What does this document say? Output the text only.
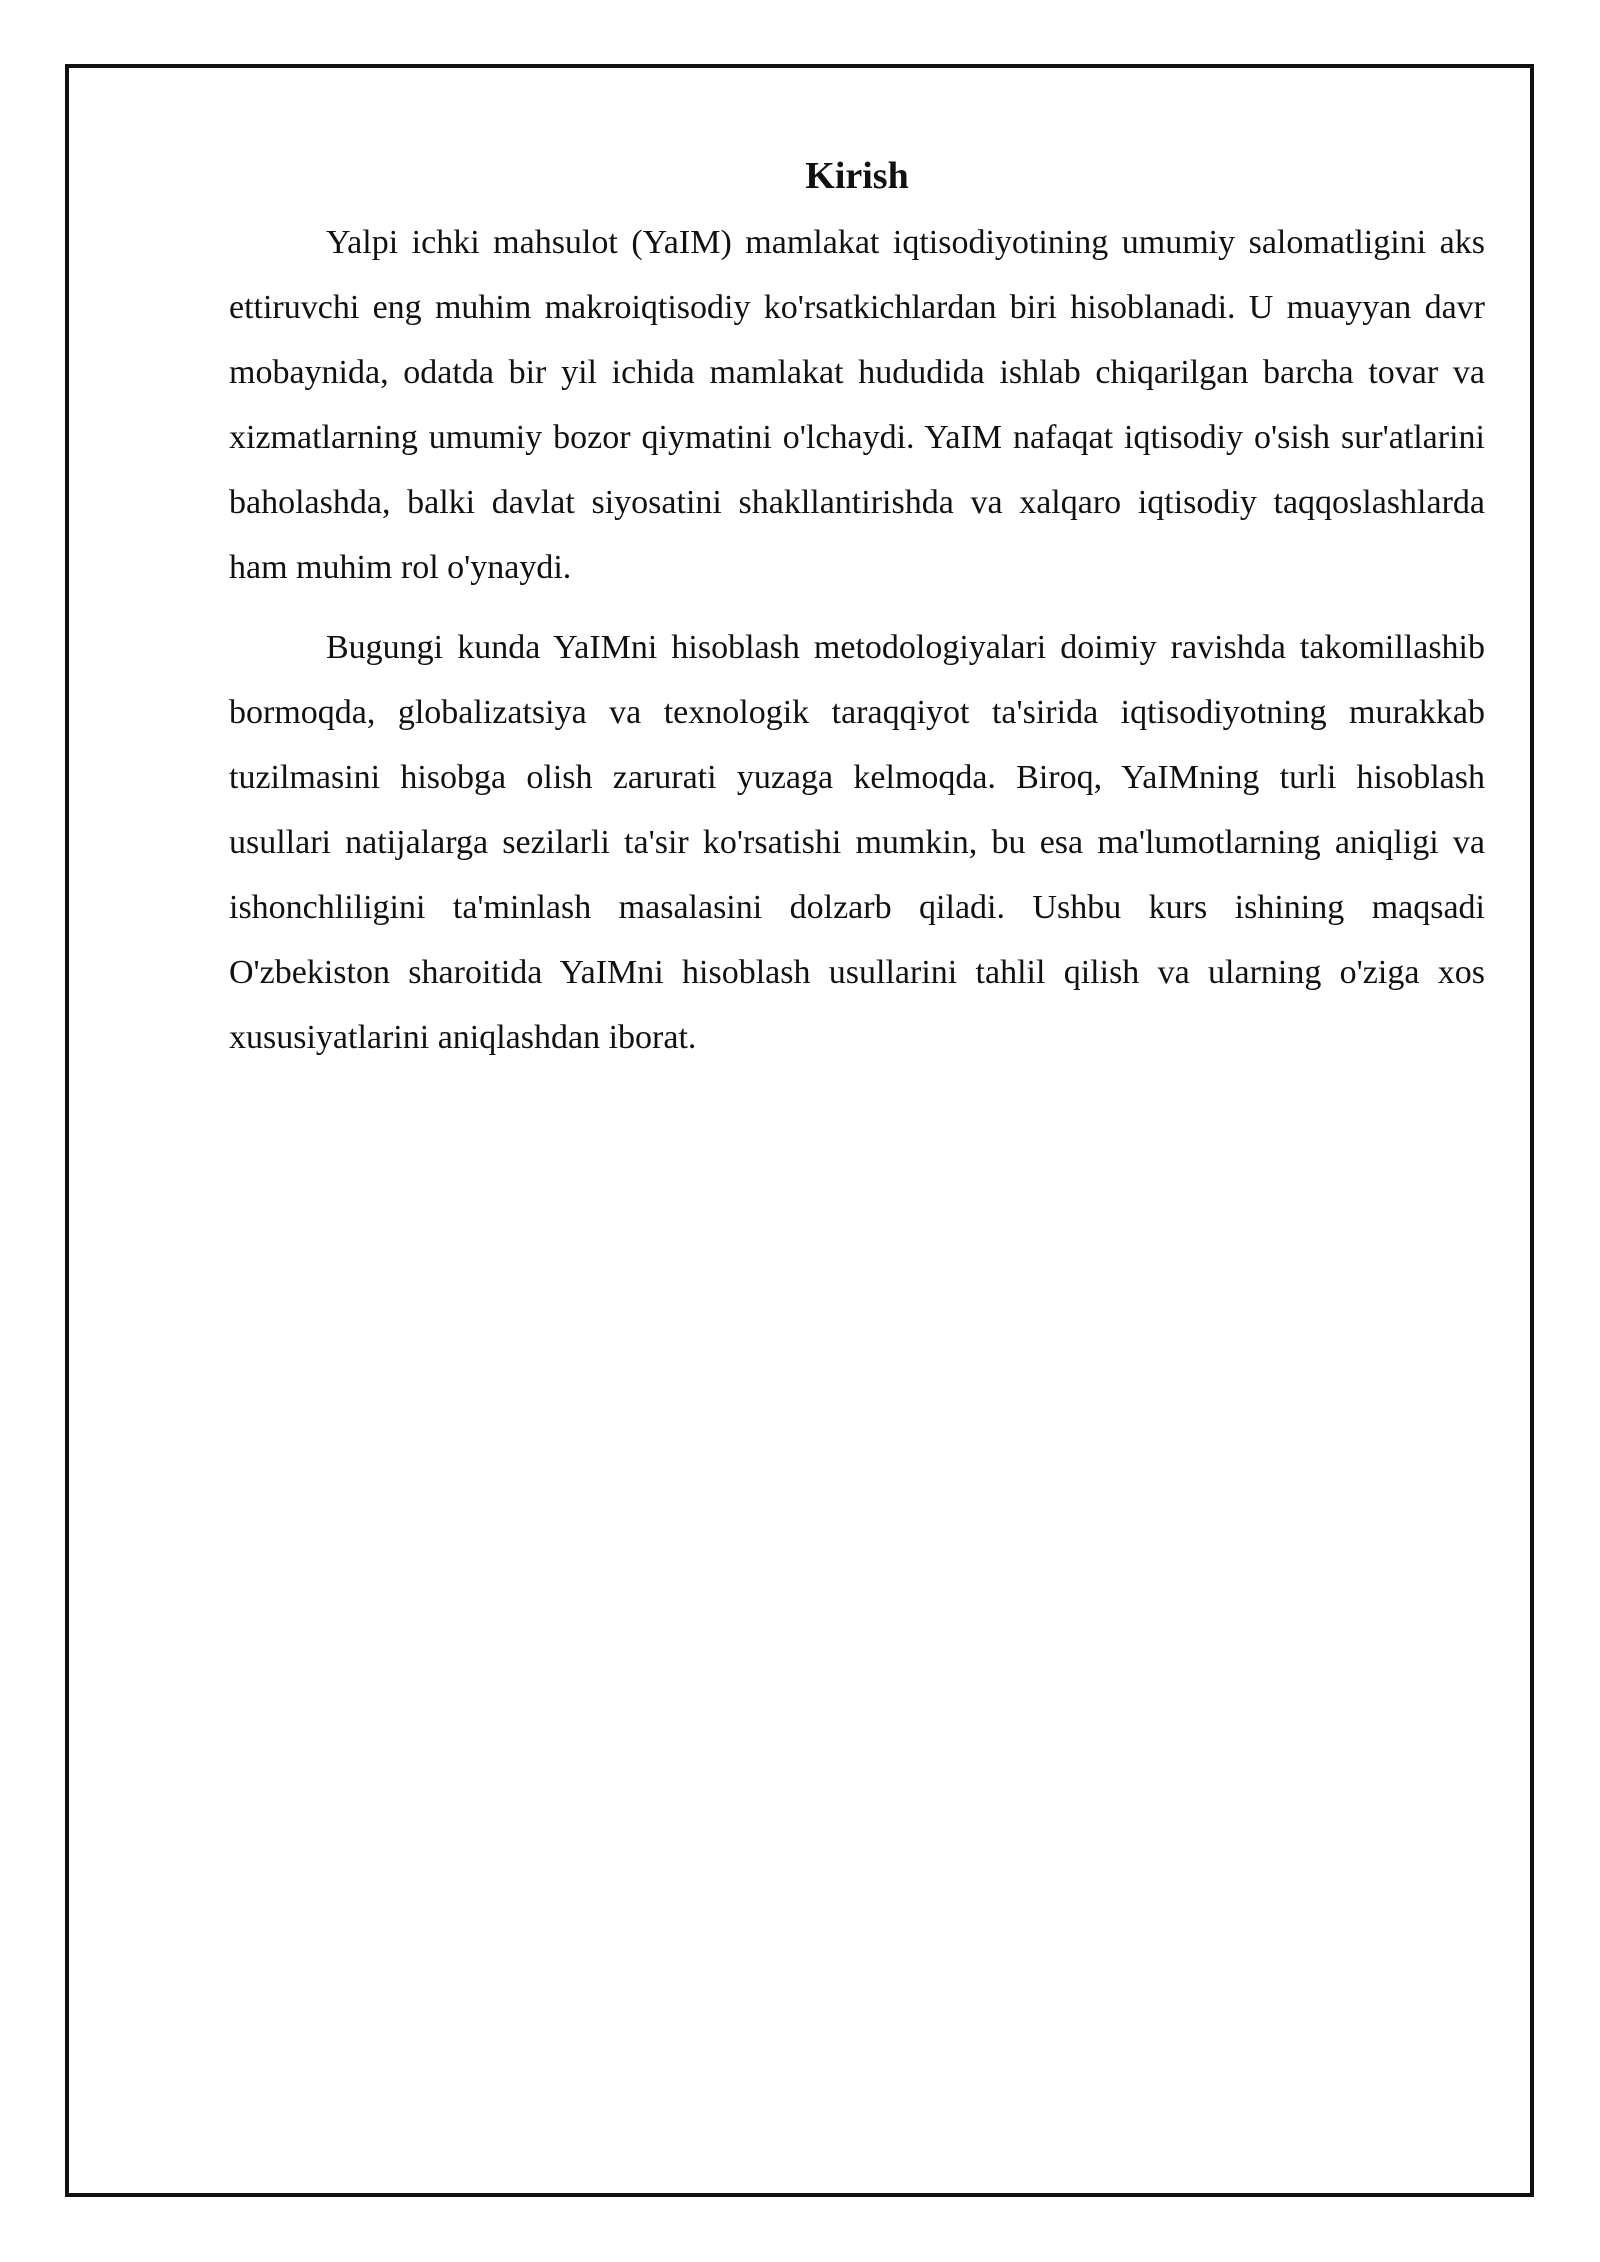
Kirish

Yalpi ichki mahsulot (YaIM) mamlakat iqtisodiyotining umumiy salomatligini aks ettiruvchi eng muhim makroiqtisodiy ko'rsatkichlardan biri hisoblanadi. U muayyan davr mobaynida, odatda bir yil ichida mamlakat hududida ishlab chiqarilgan barcha tovar va xizmatlarning umumiy bozor qiymatini o'lchaydi. YaIM nafaqat iqtisodiy o'sish sur'atlarini baholashda, balki davlat siyosatini shakllantirishda va xalqaro iqtisodiy taqqoslashlarda ham muhim rol o'ynaydi.

Bugungi kunda YaIMni hisoblash metodologiyalari doimiy ravishda takomillashib bormoqda, globalizatsiya va texnologik taraqqiyot ta'sirida iqtisodiyotning murakkab tuzilmasini hisobga olish zarurati yuzaga kelmoqda. Biroq, YaIMning turli hisoblash usullari natijalarga sezilarli ta'sir ko'rsatishi mumkin, bu esa ma'lumotlarning aniqligi va ishonchliligini ta'minlash masalasini dolzarb qiladi. Ushbu kurs ishining maqsadi O'zbekiston sharoitida YaIMni hisoblash usullarini tahlil qilish va ularning o'ziga xos xususiyatlarini aniqlashdan iborat.
